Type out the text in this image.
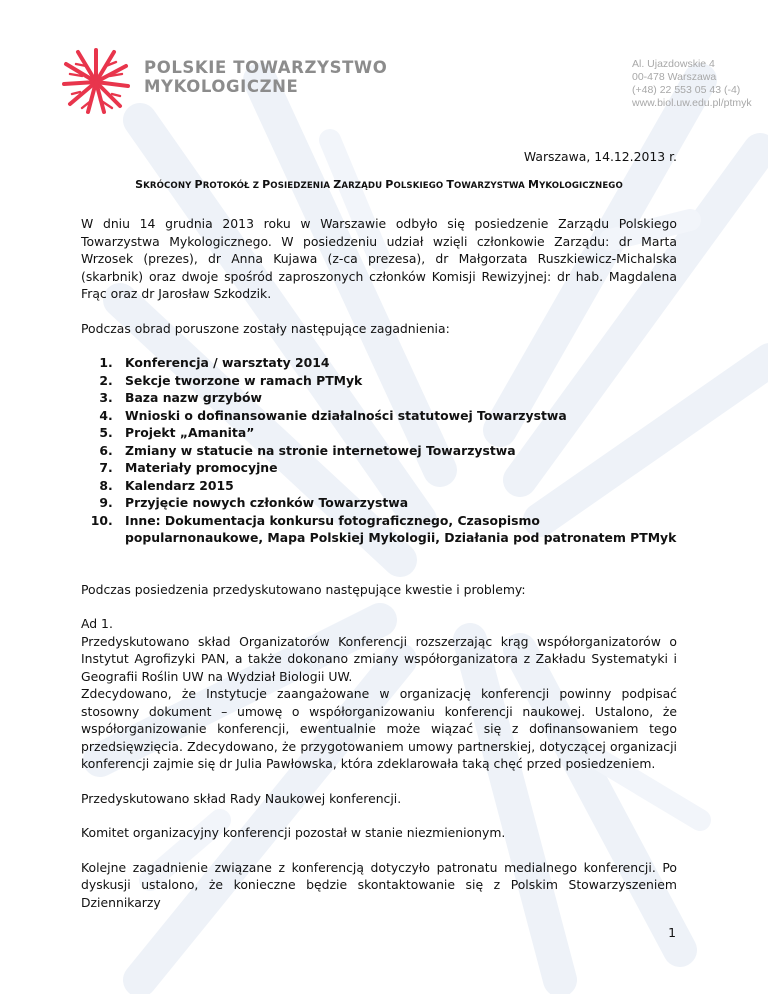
POLSKIE TOWARZYSTWO
MYKOLOGICZNE
Al. Ujazdowskie 4
00-478 Warszawa
(+48) 22 553 05 43 (-4)
www.biol.uw.edu.pl/ptmyk
Warszawa, 14.12.2013 r.
SKRÓCONY PROTOKÓŁ Z POSIEDZENIA ZARZĄDU POLSKIEGO TOWARZYSTWA MYKOLOGICZNEGO

W dniu 14 grudnia 2013 roku w Warszawie odbyło się posiedzenie Zarządu Polskiego Towarzystwa Mykologicznego. W posiedzeniu udział wzięli członkowie Zarządu: dr Marta Wrzosek (prezes), dr Anna Kujawa (z-ca prezesa), dr Małgorzata Ruszkiewicz-Michalska (skarbnik) oraz dwoje spośród zaproszonych członków Komisji Rewizyjnej: dr hab. Magdalena Frąc oraz dr Jarosław Szkodzik.

Podczas obrad poruszone zostały następujące zagadnienia:

1. Konferencja / warsztaty 2014
2. Sekcje tworzone w ramach PTMyk
3. Baza nazw grzybów
4. Wnioski o dofinansowanie działalności statutowej Towarzystwa
5. Projekt „Amanita”
6. Zmiany w statucie na stronie internetowej Towarzystwa
7. Materiały promocyjne
8. Kalendarz 2015
9. Przyjęcie nowych członków Towarzystwa
10. Inne: Dokumentacja konkursu fotograficznego, Czasopismo popularnonaukowe, Mapa Polskiej Mykologii, Działania pod patronatem PTMyk

Podczas posiedzenia przedyskutowano następujące kwestie i problemy:

Ad 1.

Przedyskutowano skład Organizatorów Konferencji rozszerzając krąg współorganizatorów o Instytut Agrofizyki PAN, a także dokonano zmiany współorganizatora z Zakładu Systematyki i Geografii Roślin UW na Wydział Biologii UW.

Zdecydowano, że Instytucje zaangażowane w organizację konferencji powinny podpisać stosowny dokument – umowę o współorganizowaniu konferencji naukowej. Ustalono, że współorganizowanie konferencji, ewentualnie może wiązać się z dofinansowaniem tego przedsięwzięcia. Zdecydowano, że przygotowaniem umowy partnerskiej, dotyczącej organizacji konferencji zajmie się dr Julia Pawłowska, która zdeklarowała taką chęć przed posiedzeniem.

Przedyskutowano skład Rady Naukowej konferencji.

Komitet organizacyjny konferencji pozostał w stanie niezmienionym.

Kolejne zagadnienie związane z konferencją dotyczyło patronatu medialnego konferencji. Po dyskusji ustalono, że konieczne będzie skontaktowanie się z Polskim Stowarzyszeniem Dziennikarzy

1
